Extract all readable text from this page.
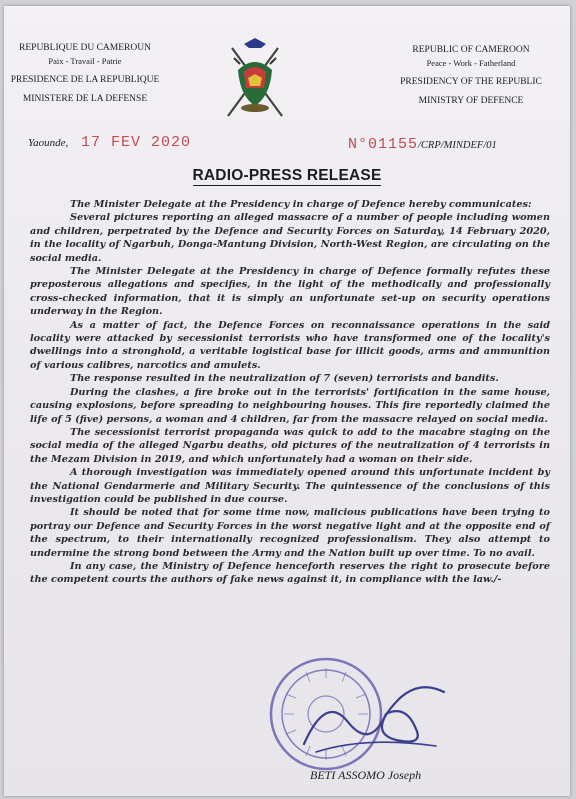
REPUBLIQUE DU CAMEROUN
Paix - Travail - Patrie
PRESIDENCE DE LA REPUBLIQUE
MINISTERE DE LA DEFENSE
REPUBLIC OF CAMEROON
Peace - Work - Fatherland
PRESIDENCY OF THE REPUBLIC
MINISTRY OF DEFENCE
Yaounde, 17 FEV 2020	N°01155/CRP/MINDEF/01
RADIO-PRESS RELEASE

The Minister Delegate at the Presidency in charge of Defence hereby communicates:

Several pictures reporting an alleged massacre of a number of people including women and children, perpetrated by the Defence and Security Forces on Saturday, 14 February 2020, in the locality of Ngarbuh, Donga-Mantung Division, North-West Region, are circulating on the social media.

The Minister Delegate at the Presidency in charge of Defence formally refutes these preposterous allegations and specifies, in the light of the methodically and professionally cross-checked information, that it is simply an unfortunate set-up on security operations underway in the Region.

As a matter of fact, the Defence Forces on reconnaissance operations in the said locality were attacked by secessionist terrorists who have transformed one of the locality's dwellings into a stronghold, a veritable logistical base for illicit goods, arms and ammunition of various calibres, narcotics and amulets.

The response resulted in the neutralization of 7 (seven) terrorists and bandits.

During the clashes, a fire broke out in the terrorists' fortification in the same house, causing explosions, before spreading to neighbouring houses. This fire reportedly claimed the life of 5 (five) persons, a woman and 4 children, far from the massacre relayed on social media.

The secessionist terrorist propaganda was quick to add to the macabre staging on the social media of the alleged Ngarbu deaths, old pictures of the neutralization of 4 terrorists in the Mezam Division in 2019, and which unfortunately had a woman on their side.

A thorough investigation was immediately opened around this unfortunate incident by the National Gendarmerie and Military Security. The quintessence of the conclusions of this investigation could be published in due course.

It should be noted that for some time now, malicious publications have been trying to portray our Defence and Security Forces in the worst negative light and at the opposite end of the spectrum, to their internationally recognized professionalism. They also attempt to undermine the strong bond between the Army and the Nation built up over time. To no avail.

In any case, the Ministry of Defence henceforth reserves the right to prosecute before the competent courts the authors of fake news against it, in compliance with the law./-

BETI ASSOMO Joseph
